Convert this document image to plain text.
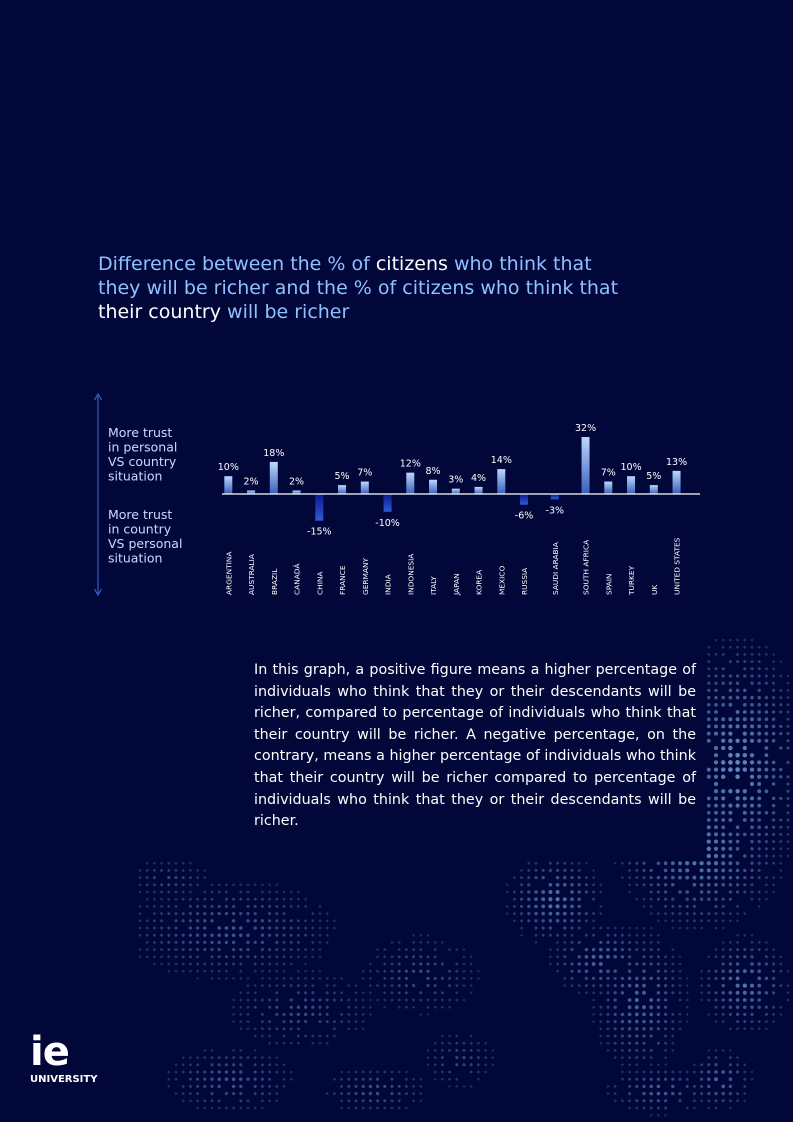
Difference between the % of citizens who think that they will be richer and the % of citizens who think that their country will be richer
More trust in personal VS country situation
More trust in country VS personal situation
10%
ARGENTINA
2%
AUSTRALIA
18%
BRAZIL
2%
CANADÁ
-15%
CHINA
5%
FRANCE
7%
GERMANY
-10%
INDIA
12%
INDONESIA
8%
ITALY
3%
JAPAN
4%
KOREA
14%
MEXICO
-6%
RUSSIA
-3%
SAUDI ARABIA
32%
SOUTH AFRICA
7%
SPAIN
10%
TURKEY
5%
UK
13%
UNITED STATES

In this graph, a positive figure means a higher percentage of individuals who think that they or their descendants will be richer, compared to percentage of individuals who think that their country will be richer. A negative percentage, on the contrary, means a higher percentage of individuals who think that their country will be richer compared to percentage of individuals who think that they or their descendants will be richer.

ie
UNIVERSITY
